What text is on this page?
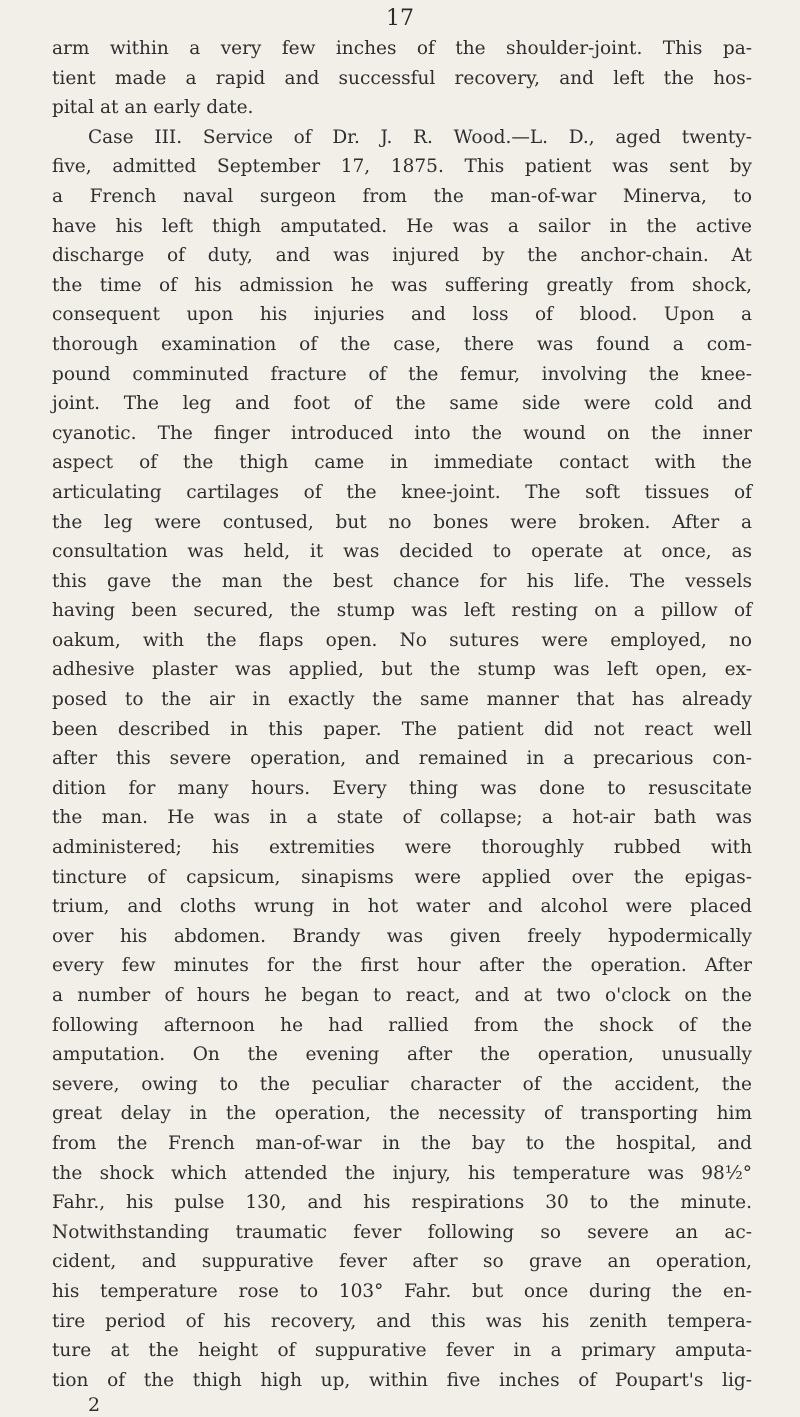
17
arm within a very few inches of the shoulder-joint. This pa-
tient made a rapid and successful recovery, and left the hos-
pital at an early date.
Case III. Service of Dr. J. R. Wood.—L. D., aged twenty-
five, admitted September 17, 1875. This patient was sent by
a French naval surgeon from the man-of-war Minerva, to
have his left thigh amputated. He was a sailor in the active
discharge of duty, and was injured by the anchor-chain. At
the time of his admission he was suffering greatly from shock,
consequent upon his injuries and loss of blood. Upon a
thorough examination of the case, there was found a com-
pound comminuted fracture of the femur, involving the knee-
joint. The leg and foot of the same side were cold and
cyanotic. The finger introduced into the wound on the inner
aspect of the thigh came in immediate contact with the
articulating cartilages of the knee-joint. The soft tissues of
the leg were contused, but no bones were broken. After a
consultation was held, it was decided to operate at once, as
this gave the man the best chance for his life. The vessels
having been secured, the stump was left resting on a pillow of
oakum, with the flaps open. No sutures were employed, no
adhesive plaster was applied, but the stump was left open, ex-
posed to the air in exactly the same manner that has already
been described in this paper. The patient did not react well
after this severe operation, and remained in a precarious con-
dition for many hours. Every thing was done to resuscitate
the man. He was in a state of collapse; a hot-air bath was
administered; his extremities were thoroughly rubbed with
tincture of capsicum, sinapisms were applied over the epigas-
trium, and cloths wrung in hot water and alcohol were placed
over his abdomen. Brandy was given freely hypodermically
every few minutes for the first hour after the operation. After
a number of hours he began to react, and at two o'clock on the
following afternoon he had rallied from the shock of the
amputation. On the evening after the operation, unusually
severe, owing to the peculiar character of the accident, the
great delay in the operation, the necessity of transporting him
from the French man-of-war in the bay to the hospital, and
the shock which attended the injury, his temperature was 98½°
Fahr., his pulse 130, and his respirations 30 to the minute.
Notwithstanding traumatic fever following so severe an ac-
cident, and suppurative fever after so grave an operation,
his temperature rose to 103° Fahr. but once during the en-
tire period of his recovery, and this was his zenith tempera-
ture at the height of suppurative fever in a primary amputa-
tion of the thigh high up, within five inches of Poupart's lig-
2
